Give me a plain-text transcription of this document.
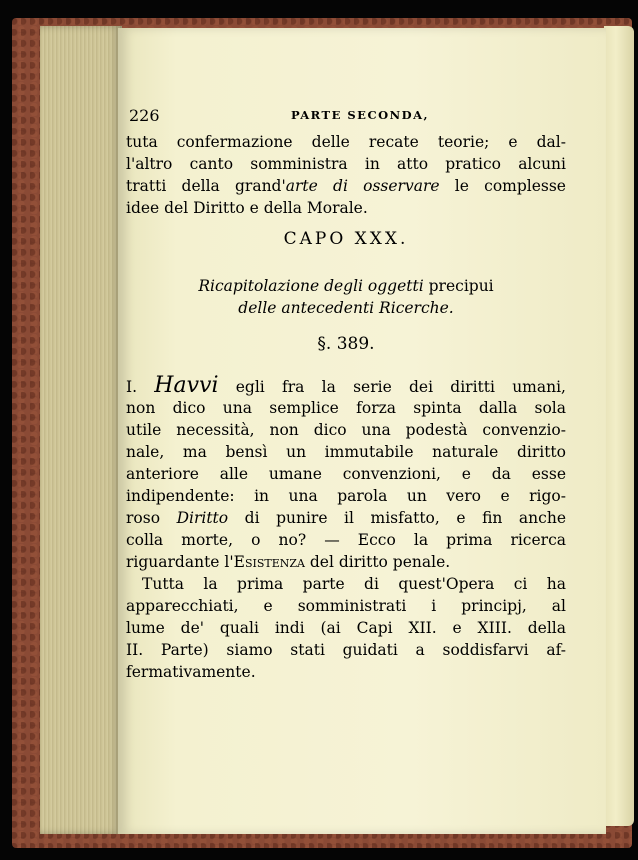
226	PARTE SECONDA,
tuta confermazione delle recate teorie; e dal-
l'altro canto somministra in atto pratico alcuni
tratti della grand'arte di osservare le complesse
idee del Diritto e della Morale.
CAPO XXX.
Ricapitolazione degli oggetti precipui
delle antecedenti Ricerche.
§. 389.
I. Havvi egli fra la serie dei diritti umani,
non dico una semplice forza spinta dalla sola
utile necessità, non dico una podestà convenzio-
nale, ma bensì un immutabile naturale diritto
anteriore alle umane convenzioni, e da esse
indipendente: in una parola un vero e rigo-
roso Diritto di punire il misfatto, e fin anche
colla morte, o no? — Ecco la prima ricerca
riguardante l'Esistenza del diritto penale.
Tutta la prima parte di quest'Opera ci ha
apparecchiati, e somministrati i principj, al
lume de' quali indi (ai Capi XII. e XIII. della
II. Parte) siamo stati guidati a soddisfarvi af-
fermativamente.
